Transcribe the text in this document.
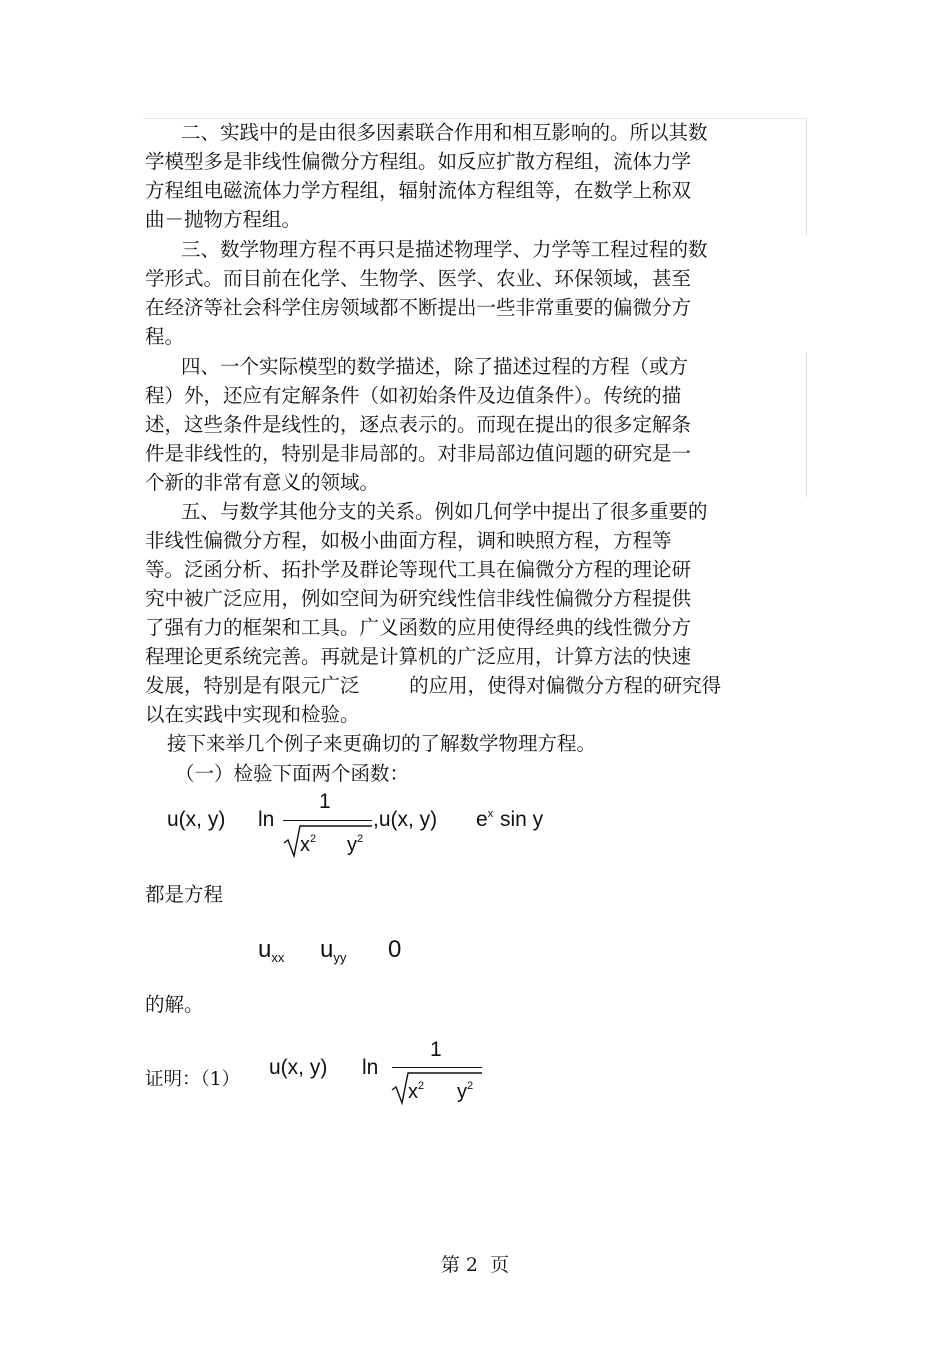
二、实践中的是由很多因素联合作用和相互影响的。所以其数
学模型多是非线性偏微分方程组。如反应扩散方程组，流体力学
方程组电磁流体力学方程组，辐射流体方程组等，在数学上称双
曲－抛物方程组。
三、数学物理方程不再只是描述物理学、力学等工程过程的数
学形式。而目前在化学、生物学、医学、农业、环保领域，甚至
在经济等社会科学住房领域都不断提出一些非常重要的偏微分方
程。
四、一个实际模型的数学描述，除了描述过程的方程（或方
程）外，还应有定解条件（如初始条件及边值条件）。传统的描
述，这些条件是线性的，逐点表示的。而现在提出的很多定解条
件是非线性的，特别是非局部的。对非局部边值问题的研究是一
个新的非常有意义的领域。
五、与数学其他分支的关系。例如几何学中提出了很多重要的
非线性偏微分方程，如极小曲面方程，调和映照方程，方程等
等。泛函分析、拓扑学及群论等现代工具在偏微分方程的理论研
究中被广泛应用，例如空间为研究线性信非线性偏微分方程提供
了强有力的框架和工具。广义函数的应用使得经典的线性微分方
程理论更系统完善。再就是计算机的广泛应用，计算方法的快速
发展，特别是有限元广泛        的应用，使得对偏微分方程的研究得
以在实践中实现和检验。
接下来举几个例子来更确切的了解数学物理方程。
（一）检验下面两个函数：
u(x, y) ln
1
$x^2$ $y^2$
,u(x, y) $e^x$ sin y
都是方程
$u_{xx}$ $u_{yy}$ 0
的解。
证明：（1）
u(x, y) ln
1
$x^2$ $y^2$
第 2  页
